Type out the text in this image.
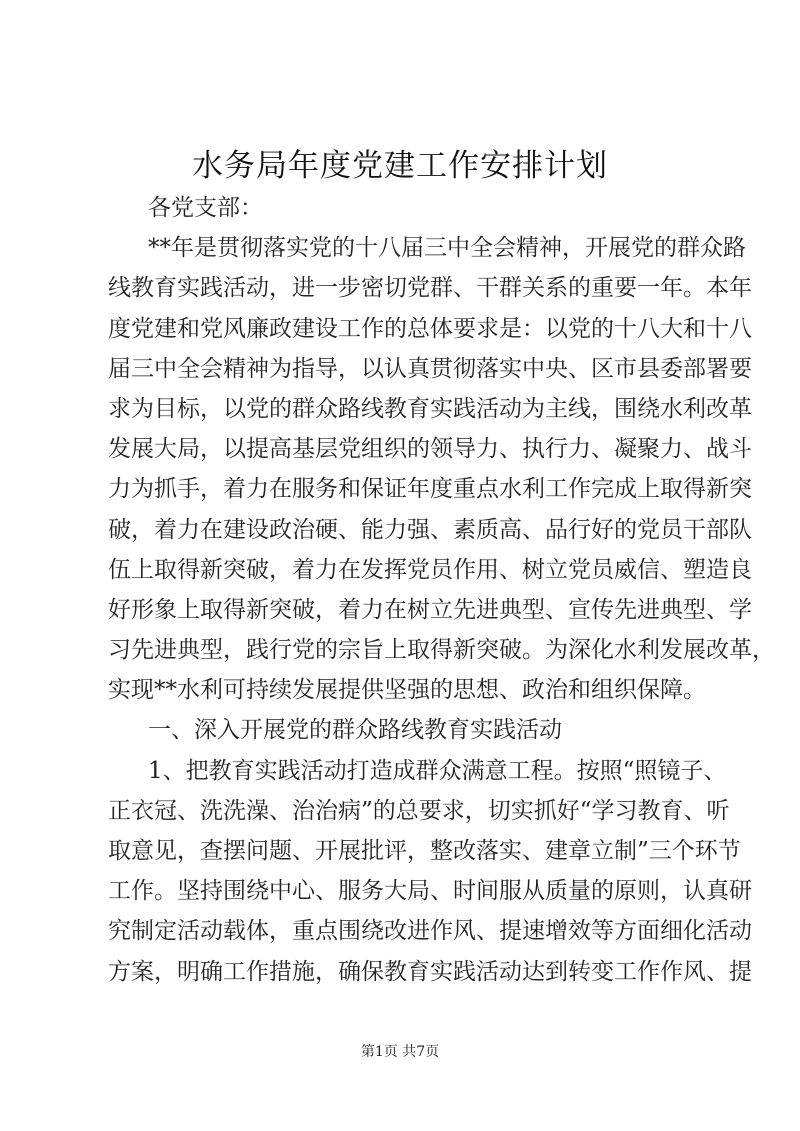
水务局年度党建工作安排计划
各党支部：
**年是贯彻落实党的十八届三中全会精神，开展党的群众路
线教育实践活动，进一步密切党群、干群关系的重要一年。本年
度党建和党风廉政建设工作的总体要求是：以党的十八大和十八
届三中全会精神为指导，以认真贯彻落实中央、区市县委部署要
求为目标，以党的群众路线教育实践活动为主线，围绕水利改革
发展大局，以提高基层党组织的领导力、执行力、凝聚力、战斗
力为抓手，着力在服务和保证年度重点水利工作完成上取得新突
破，着力在建设政治硬、能力强、素质高、品行好的党员干部队
伍上取得新突破，着力在发挥党员作用、树立党员威信、塑造良
好形象上取得新突破，着力在树立先进典型、宣传先进典型、学
习先进典型，践行党的宗旨上取得新突破。为深化水利发展改革，
实现**水利可持续发展提供坚强的思想、政治和组织保障。
一、深入开展党的群众路线教育实践活动
1、把教育实践活动打造成群众满意工程。按照“照镜子、
正衣冠、洗洗澡、治治病”的总要求，切实抓好“学习教育、听
取意见，查摆问题、开展批评，整改落实、建章立制”三个环节
工作。坚持围绕中心、服务大局、时间服从质量的原则，认真研
究制定活动载体，重点围绕改进作风、提速增效等方面细化活动
方案，明确工作措施，确保教育实践活动达到转变工作作风、提
第1页 共7页
